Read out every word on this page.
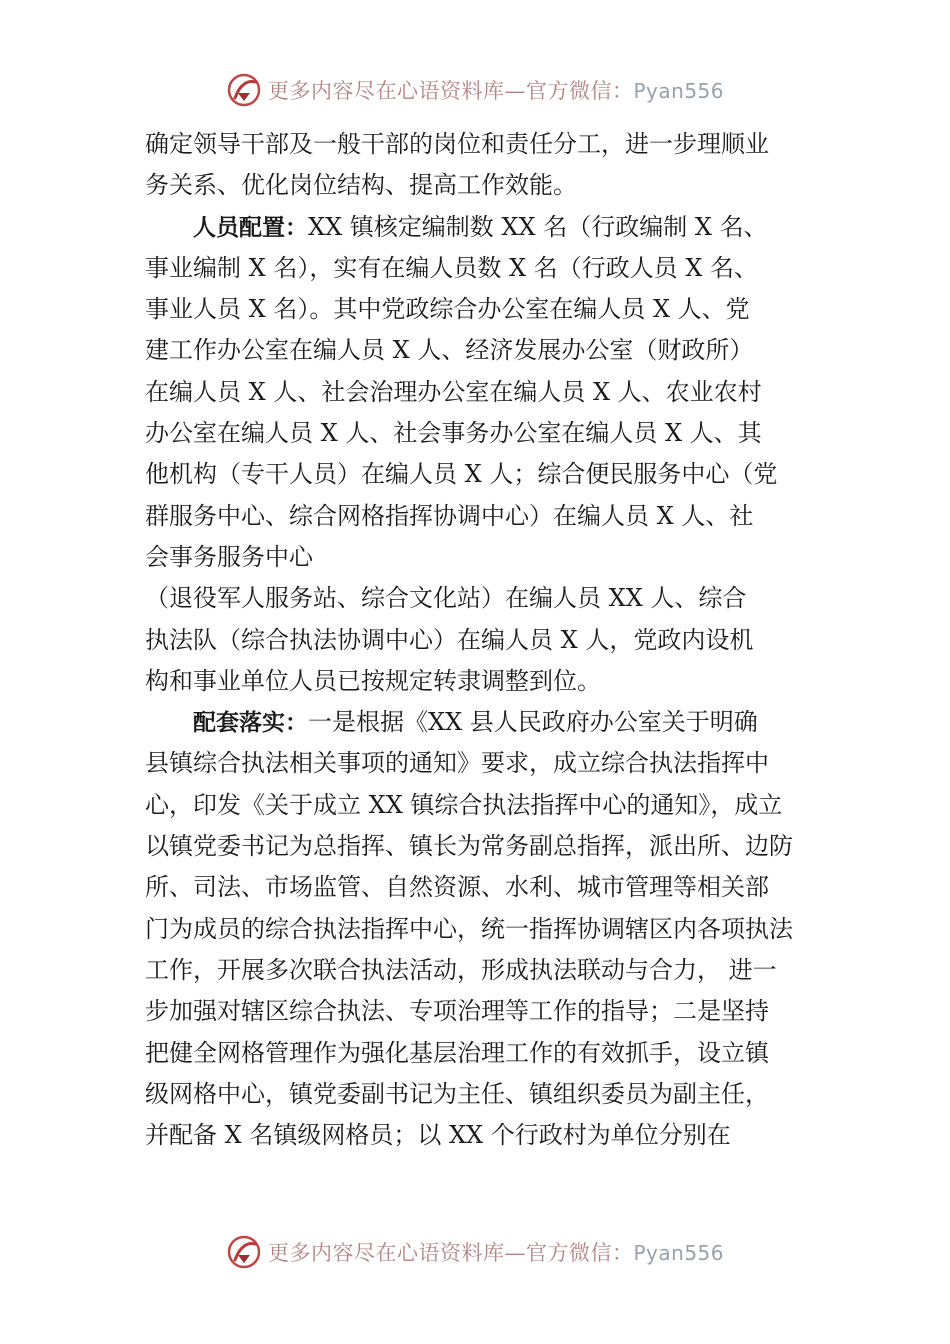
更多内容尽在心语资料库—官方微信：Pyan556
确定领导干部及一般干部的岗位和责任分工，进一步理顺业
务关系、优化岗位结构、提高工作效能。
人员配置：XX 镇核定编制数 XX 名（行政编制 X 名、
事业编制 X 名），实有在编人员数 X 名（行政人员 X 名、
事业人员 X 名）。其中党政综合办公室在编人员 X 人、党
建工作办公室在编人员 X 人、经济发展办公室（财政所）
在编人员 X 人、社会治理办公室在编人员 X 人、农业农村
办公室在编人员 X 人、社会事务办公室在编人员 X 人、其
他机构（专干人员）在编人员 X 人；综合便民服务中心（党
群服务中心、综合网格指挥协调中心）在编人员 X 人、社
会事务服务中心
（退役军人服务站、综合文化站）在编人员 XX 人、综合
执法队（综合执法协调中心）在编人员 X 人，党政内设机
构和事业单位人员已按规定转隶调整到位。
配套落实：一是根据《XX 县人民政府办公室关于明确
县镇综合执法相关事项的通知》要求，成立综合执法指挥中
心，印发《关于成立 XX 镇综合执法指挥中心的通知》，成立
以镇党委书记为总指挥、镇长为常务副总指挥，派出所、边防
所、司法、市场监管、自然资源、水利、城市管理等相关部
门为成员的综合执法指挥中心，统一指挥协调辖区内各项执法
工作，开展多次联合执法活动，形成执法联动与合力， 进一
步加强对辖区综合执法、专项治理等工作的指导；二是坚持
把健全网格管理作为强化基层治理工作的有效抓手，设立镇
级网格中心，镇党委副书记为主任、镇组织委员为副主任，
并配备 X 名镇级网格员；以 XX 个行政村为单位分别在
更多内容尽在心语资料库—官方微信：Pyan556
